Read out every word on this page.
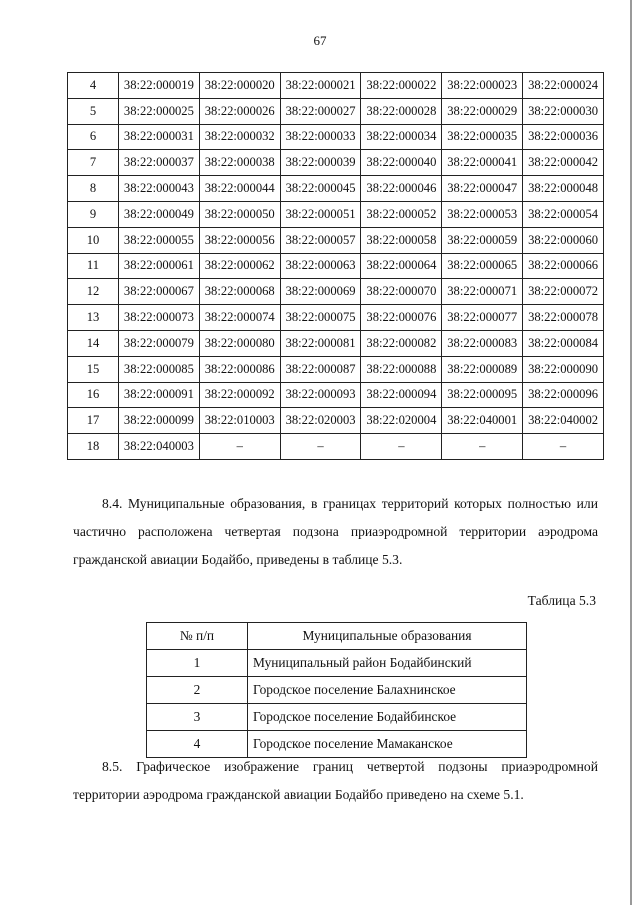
67
4	38:22:000019	38:22:000020	38:22:000021	38:22:000022	38:22:000023	38:22:000024
5	38:22:000025	38:22:000026	38:22:000027	38:22:000028	38:22:000029	38:22:000030
6	38:22:000031	38:22:000032	38:22:000033	38:22:000034	38:22:000035	38:22:000036
7	38:22:000037	38:22:000038	38:22:000039	38:22:000040	38:22:000041	38:22:000042
8	38:22:000043	38:22:000044	38:22:000045	38:22:000046	38:22:000047	38:22:000048
9	38:22:000049	38:22:000050	38:22:000051	38:22:000052	38:22:000053	38:22:000054
10	38:22:000055	38:22:000056	38:22:000057	38:22:000058	38:22:000059	38:22:000060
11	38:22:000061	38:22:000062	38:22:000063	38:22:000064	38:22:000065	38:22:000066
12	38:22:000067	38:22:000068	38:22:000069	38:22:000070	38:22:000071	38:22:000072
13	38:22:000073	38:22:000074	38:22:000075	38:22:000076	38:22:000077	38:22:000078
14	38:22:000079	38:22:000080	38:22:000081	38:22:000082	38:22:000083	38:22:000084
15	38:22:000085	38:22:000086	38:22:000087	38:22:000088	38:22:000089	38:22:000090
16	38:22:000091	38:22:000092	38:22:000093	38:22:000094	38:22:000095	38:22:000096
17	38:22:000099	38:22:010003	38:22:020003	38:22:020004	38:22:040001	38:22:040002
18	38:22:040003	–	–	–	–	–

8.4. Муниципальные образования, в границах территорий которых полностью или частично расположена четвертая подзона приаэродромной территории аэродрома гражданской авиации Бодайбо, приведены в таблице 5.3.

Таблица 5.3
№ п/п	Муниципальные образования
1	Муниципальный район Бодайбинский
2	Городское поселение Балахнинское
3	Городское поселение Бодайбинское
4	Городское поселение Мамаканское

8.5. Графическое изображение границ четвертой подзоны приаэродромной территории аэродрома гражданской авиации Бодайбо приведено на схеме 5.1.
